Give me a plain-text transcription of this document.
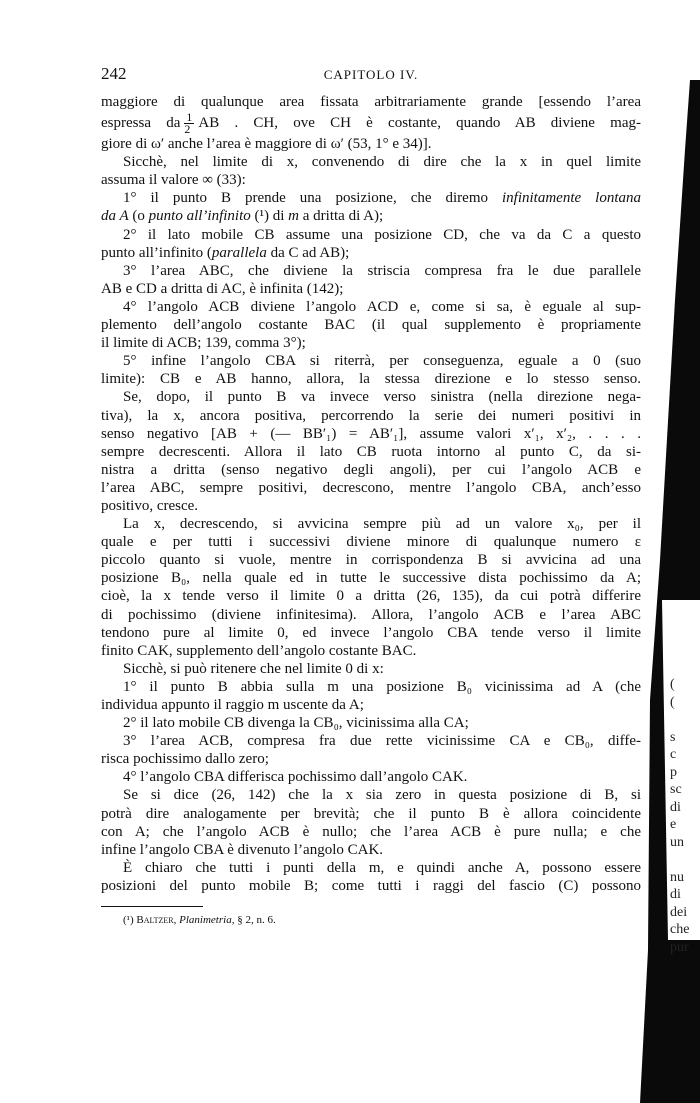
(
(

s
c
p
sc
di
e
un

nu
di
dei
che
pur
242	CAPITOLO IV.
maggiore di qualunque area fissata arbitrariamente grande [essendo l’area
espressa da $\frac{1}{2}$ AB . CH, ove CH è costante, quando AB diviene mag-
giore di ω′ anche l’area è maggiore di ω′ (53, 1° e 34)].
Sicchè, nel limite di x, convenendo di dire che la x in quel limite
assuma il valore ∞ (33):
1° il punto B prende una posizione, che diremo infinitamente lontana
da A (o punto all’infinito (¹) di m a dritta di A);
2° il lato mobile CB assume una posizione CD, che va da C a questo
punto all’infinito (parallela da C ad AB);
3° l’area ABC, che diviene la striscia compresa fra le due parallele
AB e CD a dritta di AC, è infinita (142);
4° l’angolo ACB diviene l’angolo ACD e, come si sa, è eguale al sup-
plemento dell’angolo costante BAC (il qual supplemento è propriamente
il limite di ACB; 139, comma 3°);
5° infine l’angolo CBA si riterrà, per conseguenza, eguale a 0 (suo
limite): CB e AB hanno, allora, la stessa direzione e lo stesso senso.
Se, dopo, il punto B va invece verso sinistra (nella direzione nega-
tiva), la x, ancora positiva, percorrendo la serie dei numeri positivi in
senso negativo [AB + (— BB′₁) = AB′₁], assume valori x′₁, x′₂, . . . .
sempre decrescenti. Allora il lato CB ruota intorno al punto C, da si-
nistra a dritta (senso negativo degli angoli), per cui l’angolo ACB e
l’area ABC, sempre positivi, decrescono, mentre l’angolo CBA, anch’esso
positivo, cresce.
La x, decrescendo, si avvicina sempre più ad un valore x₀, per il
quale e per tutti i successivi diviene minore di qualunque numero ε
piccolo quanto si vuole, mentre in corrispondenza B si avvicina ad una
posizione B₀, nella quale ed in tutte le successive dista pochissimo da A;
cioè, la x tende verso il limite 0 a dritta (26, 135), da cui potrà differire
di pochissimo (diviene infinitesima). Allora, l’angolo ACB e l’area ABC
tendono pure al limite 0, ed invece l’angolo CBA tende verso il limite
finito CAK, supplemento dell’angolo costante BAC.
Sicchè, si può ritenere che nel limite 0 di x:
1° il punto B abbia sulla m una posizione B₀ vicinissima ad A (che
individua appunto il raggio m uscente da A;
2° il lato mobile CB divenga la CB₀, vicinissima alla CA;
3° l’area ACB, compresa fra due rette vicinissime CA e CB₀, diffe-
risca pochissimo dallo zero;
4° l’angolo CBA differisca pochissimo dall’angolo CAK.
Se si dice (26, 142) che la x sia zero in questa posizione di B, si
potrà dire analogamente per brevità; che il punto B è allora coincidente
con A; che l’angolo ACB è nullo; che l’area ACB è pure nulla; e che
infine l’angolo CBA è divenuto l’angolo CAK.
È chiaro che tutti i punti della m, e quindi anche A, possono essere
posizioni del punto mobile B; come tutti i raggi del fascio (C) possono
(¹) Baltzer, Planimetria, § 2, n. 6.
